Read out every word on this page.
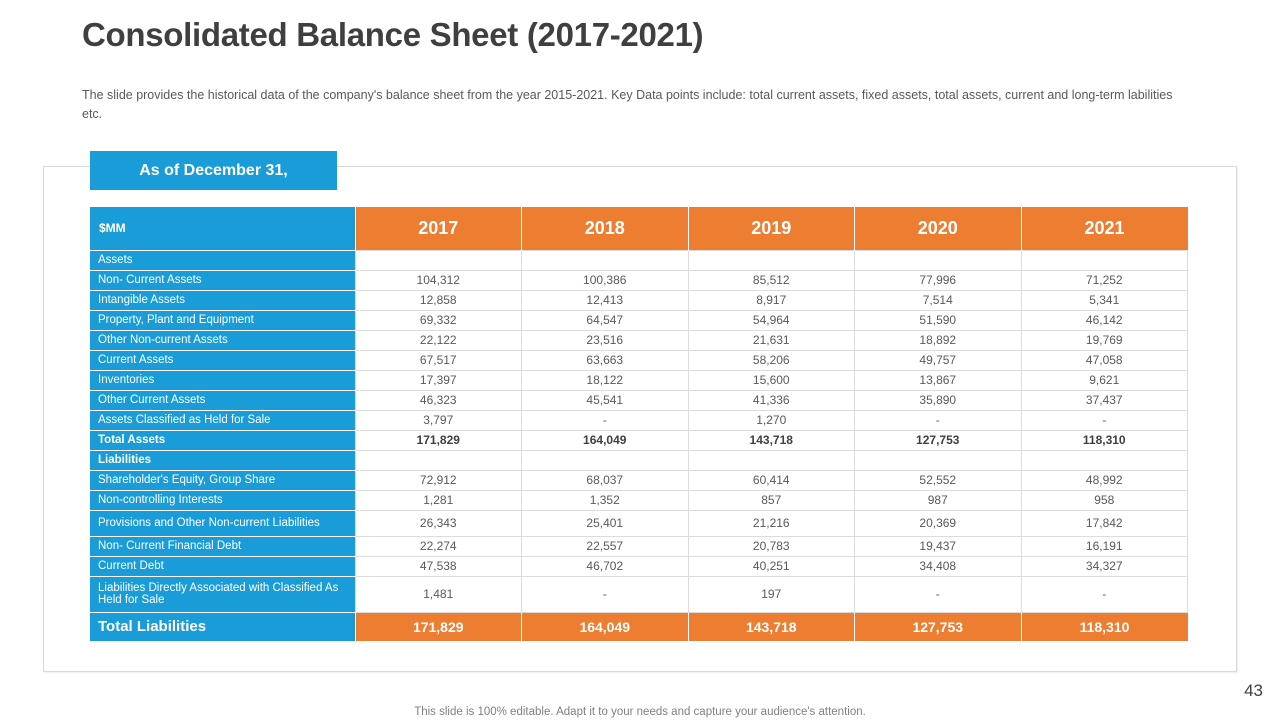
Consolidated Balance Sheet (2017-2021)

The slide provides the historical data of the company's balance sheet from the year 2015-2021. Key Data points include: total current assets, fixed assets, total assets, current and long-term labilities etc.

As of December 31,
$MM	2017	2018	2019	2020	2021
Assets					
Non- Current Assets	104,312	100,386	85,512	77,996	71,252
Intangible Assets	12,858	12,413	8,917	7,514	5,341
Property, Plant and Equipment	69,332	64,547	54,964	51,590	46,142
Other Non-current Assets	22,122	23,516	21,631	18,892	19,769
Current Assets	67,517	63,663	58,206	49,757	47,058
Inventories	17,397	18,122	15,600	13,867	9,621
Other Current Assets	46,323	45,541	41,336	35,890	37,437
Assets Classified as Held for Sale	3,797	-	1,270	-	-
Total Assets	171,829	164,049	143,718	127,753	118,310
Liabilities					
Shareholder's Equity, Group Share	72,912	68,037	60,414	52,552	48,992
Non-controlling Interests	1,281	1,352	857	987	958
Provisions and Other Non-current Liabilities	26,343	25,401	21,216	20,369	17,842
Non- Current Financial Debt	22,274	22,557	20,783	19,437	16,191
Current Debt	47,538	46,702	40,251	34,408	34,327
Liabilities Directly Associated with Classified As Held for Sale	1,481	-	197	-	-
Total Liabilities	171,829	164,049	143,718	127,753	118,310
This slide is 100% editable. Adapt it to your needs and capture your audience's attention.
43
